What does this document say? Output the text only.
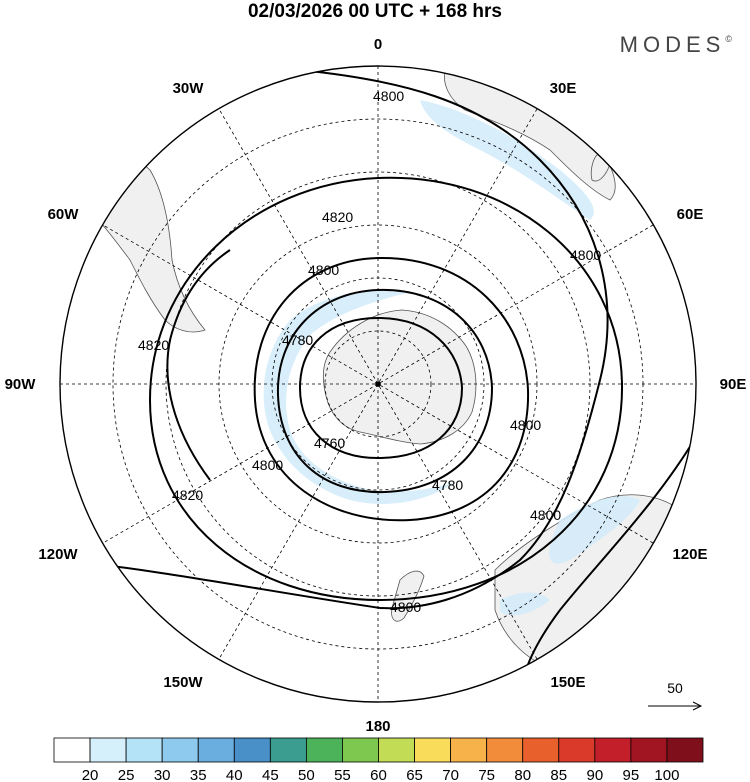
02/03/2026 00 UTC + 168 hrs
MODES©
4800
4820
4800
4780
4760
4780
4800
4800
4800
4820
4820
4800
4800
0
30E
60E
90E
120E
150E
180
150W
120W
90W
60W
30W
50
20 25 30 35 40 45 50 55 60 65 70 75 80 85 90 95 100
